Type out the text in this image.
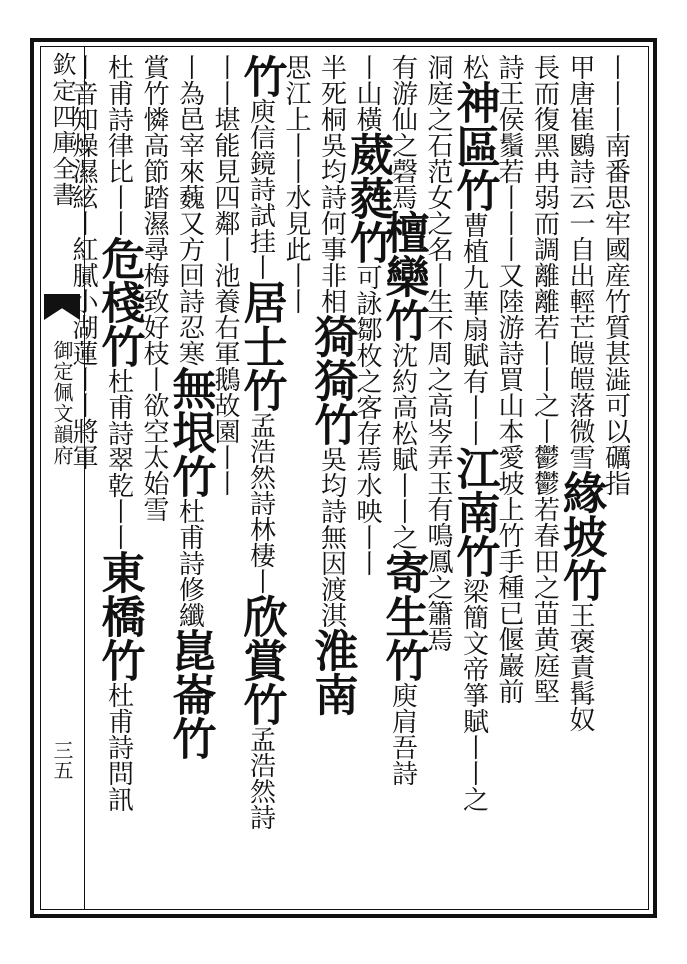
欽定四庫全書
御定佩文韻府
三五
丨丨丨南番思牢國産竹質甚澁可以礪指
甲唐崔鶠詩云一自出輕芒皚皚落微雪緣坡竹王褒責髯奴
長而復黑冉弱而調離離若丨丨之丨鬱鬱若春田之苗黄庭堅
詩王侯鬚若丨丨丨又陸游詩買山本愛坡上竹手種已偃巖前
松神區竹曹植九華扇賦有丨丨江南竹梁簡文帝箏賦丨丨之
洞庭之石范女之名丨生不周之高岑弄玉有鳴鳳之簫焉
有游仙之磬焉檀欒竹沈約高松賦丨丨之寄生竹庾肩吾詩
丨山橫葳蕤竹可詠鄒枚之客存焉水映丨丨
半死桐吳均詩何事非相猗猗竹吳均詩無因渡淇淮南
思江上丨丨水見此丨丨
竹庾信鏡詩試挂丨居士竹孟浩然詩林棲丨欣賞竹孟浩然詩
丨丨堪能見四鄰丨池養右軍鵝故園丨丨
丨為邑宰來蘶又方回詩忍寒無垠竹杜甫詩修纖崑崙竹
賞竹憐高節踏濕尋梅致好枝丨欲空太始雪
杜甫詩律比丨丨危棧竹杜甫詩翠乾丨丨東橋竹杜甫詩問訊
丨音知燥濕絃丨紅膩小湖蓮丨丨將軍
